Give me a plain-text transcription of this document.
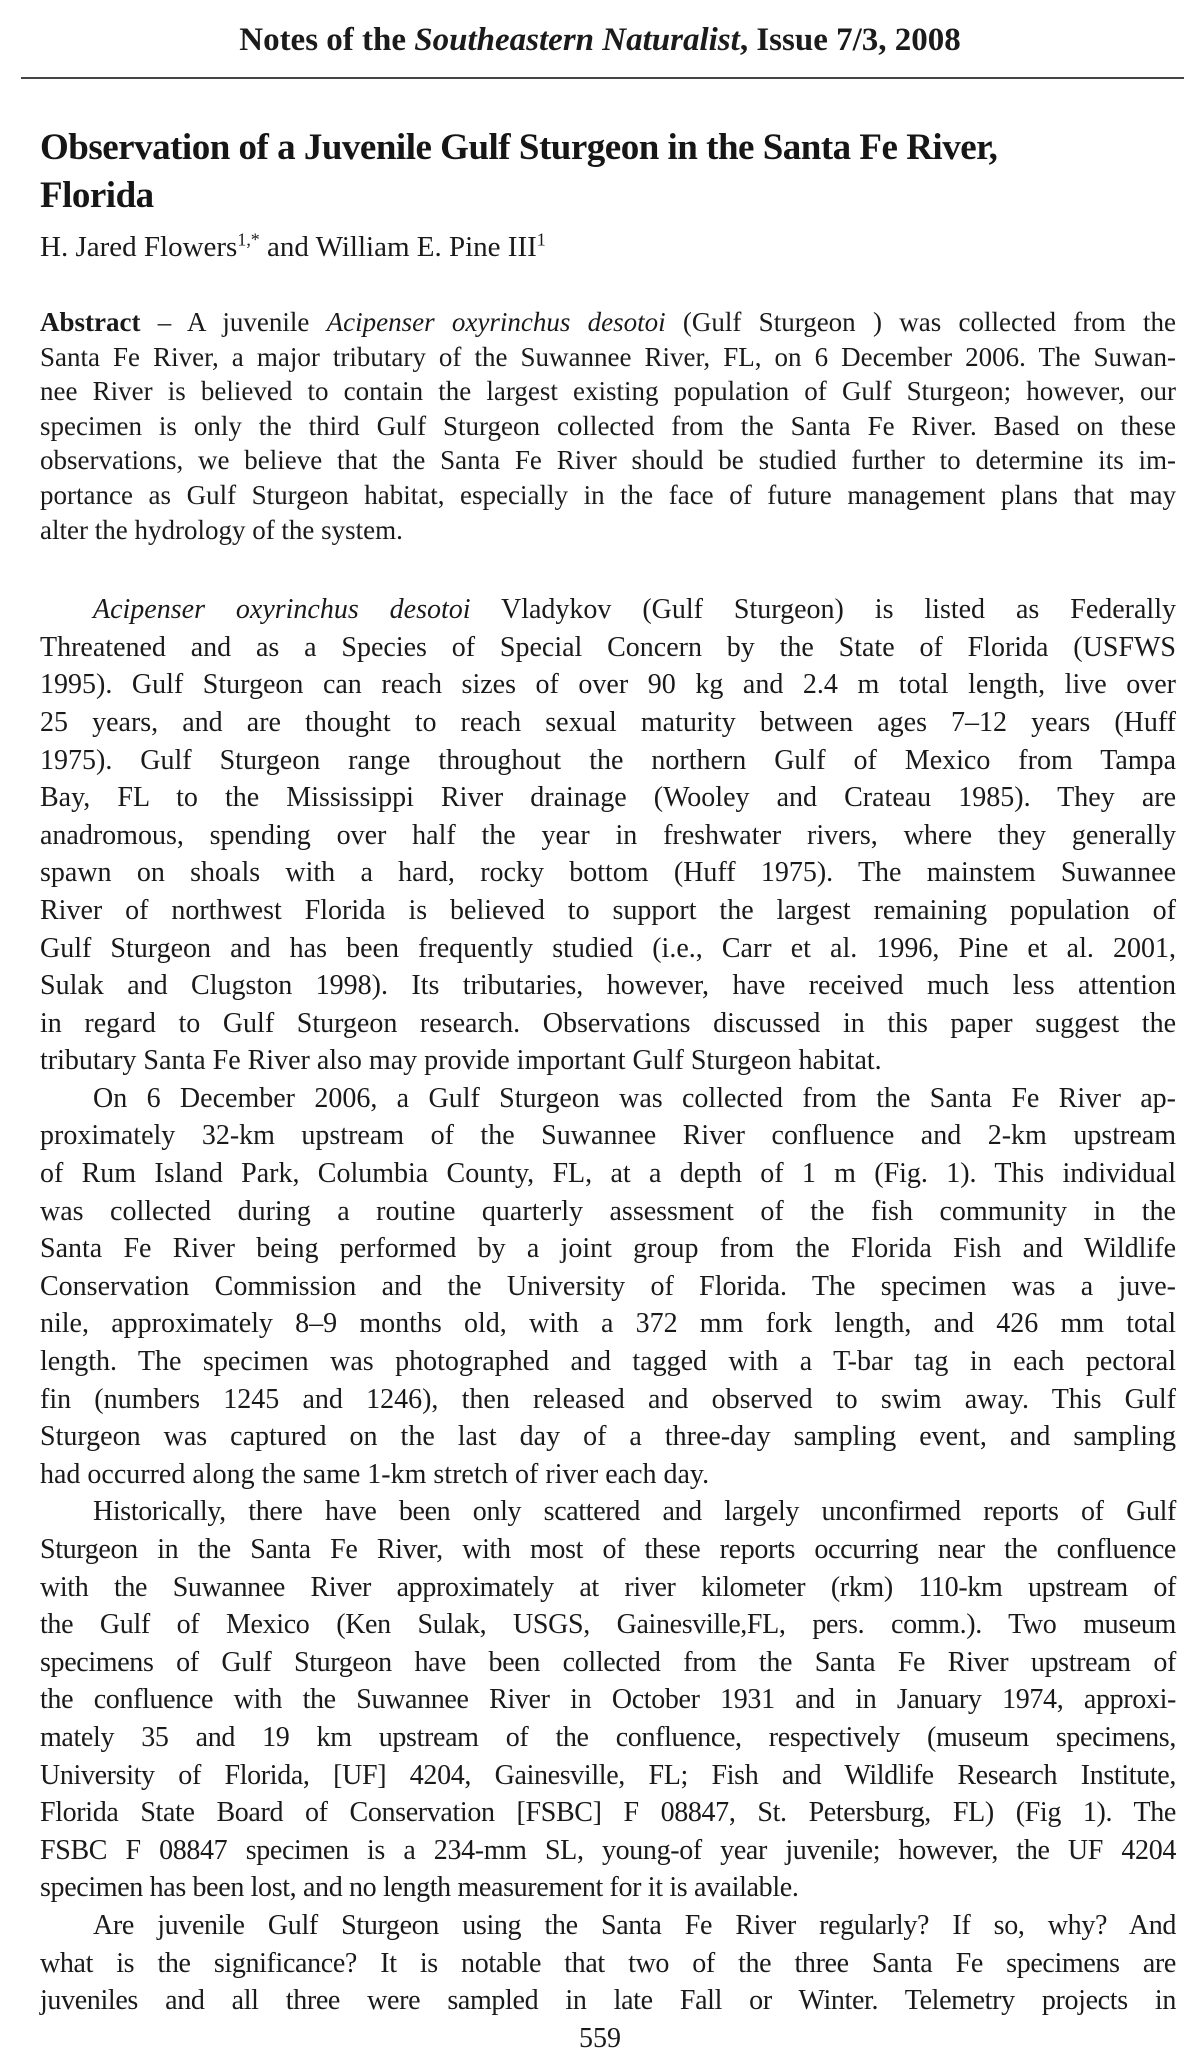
Notes of the Southeastern Naturalist, Issue 7/3, 2008
Observation of a Juvenile Gulf Sturgeon in the Santa Fe River,
Florida
H. Jared Flowers$^{1,*}$ and William E. Pine III$^1$
Abstract – A juvenile Acipenser oxyrinchus desotoi (Gulf Sturgeon ) was collected from the
Santa Fe River, a major tributary of the Suwannee River, FL, on 6 December 2006. The Suwan-
nee River is believed to contain the largest existing population of Gulf Sturgeon; however, our
specimen is only the third Gulf Sturgeon collected from the Santa Fe River. Based on these
observations, we believe that the Santa Fe River should be studied further to determine its im-
portance as Gulf Sturgeon habitat, especially in the face of future management plans that may
alter the hydrology of the system.
Acipenser oxyrinchus desotoi Vladykov (Gulf Sturgeon) is listed as Federally
Threatened and as a Species of Special Concern by the State of Florida (USFWS
1995). Gulf Sturgeon can reach sizes of over 90 kg and 2.4 m total length, live over
25 years, and are thought to reach sexual maturity between ages 7–12 years (Huff
1975). Gulf Sturgeon range throughout the northern Gulf of Mexico from Tampa
Bay, FL to the Mississippi River drainage (Wooley and Crateau 1985). They are
anadromous, spending over half the year in freshwater rivers, where they generally
spawn on shoals with a hard, rocky bottom (Huff 1975). The mainstem Suwannee
River of northwest Florida is believed to support the largest remaining population of
Gulf Sturgeon and has been frequently studied (i.e., Carr et al. 1996, Pine et al. 2001,
Sulak and Clugston 1998). Its tributaries, however, have received much less attention
in regard to Gulf Sturgeon research. Observations discussed in this paper suggest the
tributary Santa Fe River also may provide important Gulf Sturgeon habitat.
On 6 December 2006, a Gulf Sturgeon was collected from the Santa Fe River ap-
proximately 32-km upstream of the Suwannee River confluence and 2-km upstream
of Rum Island Park, Columbia County, FL, at a depth of 1 m (Fig. 1). This individual
was collected during a routine quarterly assessment of the fish community in the
Santa Fe River being performed by a joint group from the Florida Fish and Wildlife
Conservation Commission and the University of Florida. The specimen was a juve-
nile, approximately 8–9 months old, with a 372 mm fork length, and 426 mm total
length. The specimen was photographed and tagged with a T-bar tag in each pectoral
fin (numbers 1245 and 1246), then released and observed to swim away. This Gulf
Sturgeon was captured on the last day of a three-day sampling event, and sampling
had occurred along the same 1-km stretch of river each day.
Historically, there have been only scattered and largely unconfirmed reports of Gulf
Sturgeon in the Santa Fe River, with most of these reports occurring near the confluence
with the Suwannee River approximately at river kilometer (rkm) 110-km upstream of
the Gulf of Mexico (Ken Sulak, USGS, Gainesville,FL, pers. comm.). Two museum
specimens of Gulf Sturgeon have been collected from the Santa Fe River upstream of
the confluence with the Suwannee River in October 1931 and in January 1974, approxi-
mately 35 and 19 km upstream of the confluence, respectively (museum specimens,
University of Florida, [UF] 4204, Gainesville, FL; Fish and Wildlife Research Institute,
Florida State Board of Conservation [FSBC] F 08847, St. Petersburg, FL) (Fig 1). The
FSBC F 08847 specimen is a 234-mm SL, young-of year juvenile; however, the UF 4204
specimen has been lost, and no length measurement for it is available.
Are juvenile Gulf Sturgeon using the Santa Fe River regularly? If so, why? And
what is the significance? It is notable that two of the three Santa Fe specimens are
juveniles and all three were sampled in late Fall or Winter. Telemetry projects in
559
